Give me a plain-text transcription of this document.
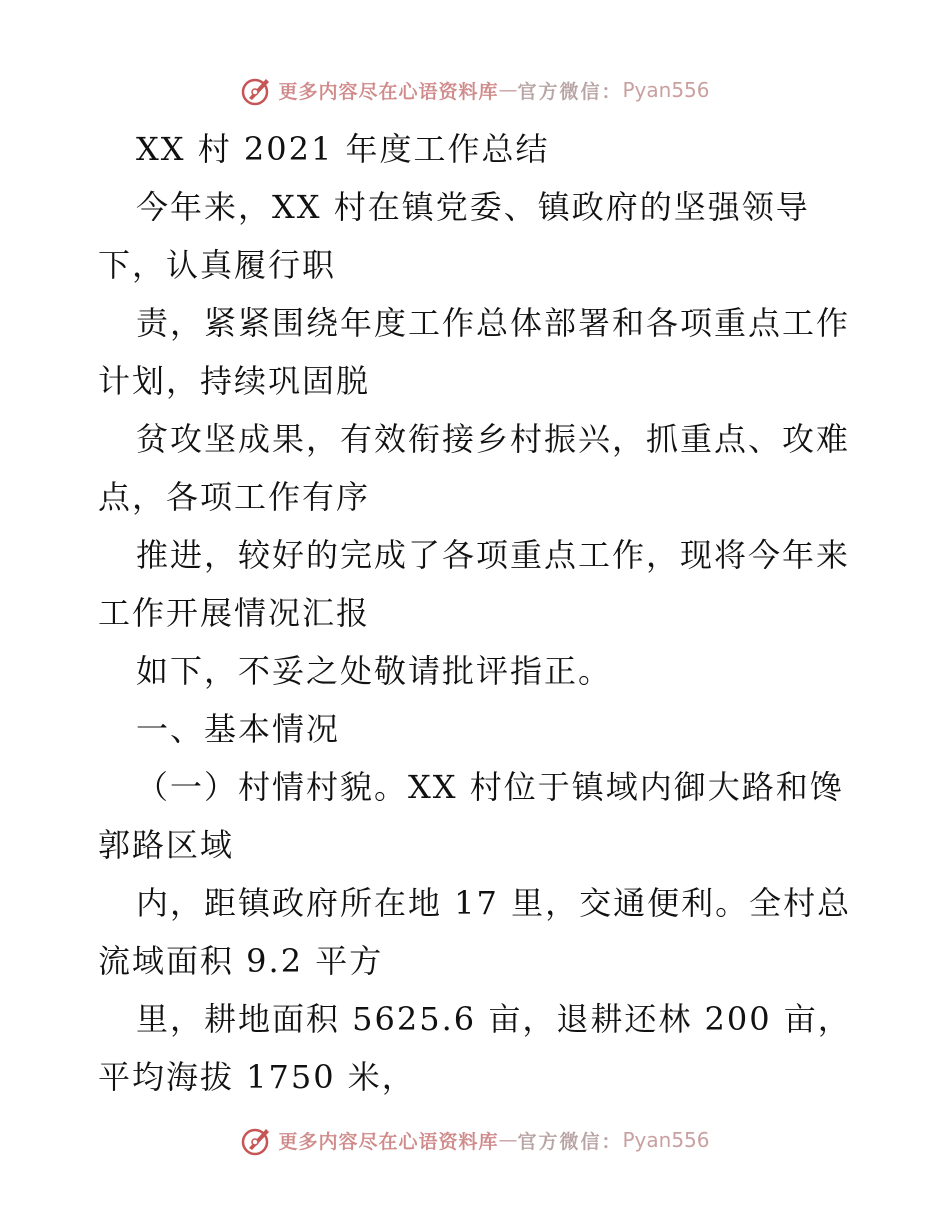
更多内容尽在心语资料库 — 官方微信： Pyan556
XX 村 2021 年度工作总结
今年来，XX 村在镇党委、镇政府的坚强领导
下，认真履行职
责，紧紧围绕年度工作总体部署和各项重点工作
计划，持续巩固脱
贫攻坚成果，有效衔接乡村振兴，抓重点、攻难
点，各项工作有序
推进，较好的完成了各项重点工作，现将今年来
工作开展情况汇报
如下，不妥之处敬请批评指正。
一、基本情况
（一）村情村貌。XX 村位于镇域内御大路和馋
郭路区域
内，距镇政府所在地 17 里，交通便利。全村总
流域面积 9.2 平方
里，耕地面积 5625.6 亩，退耕还林 200 亩，
平均海拔 1750 米，
更多内容尽在心语资料库 — 官方微信： Pyan556
